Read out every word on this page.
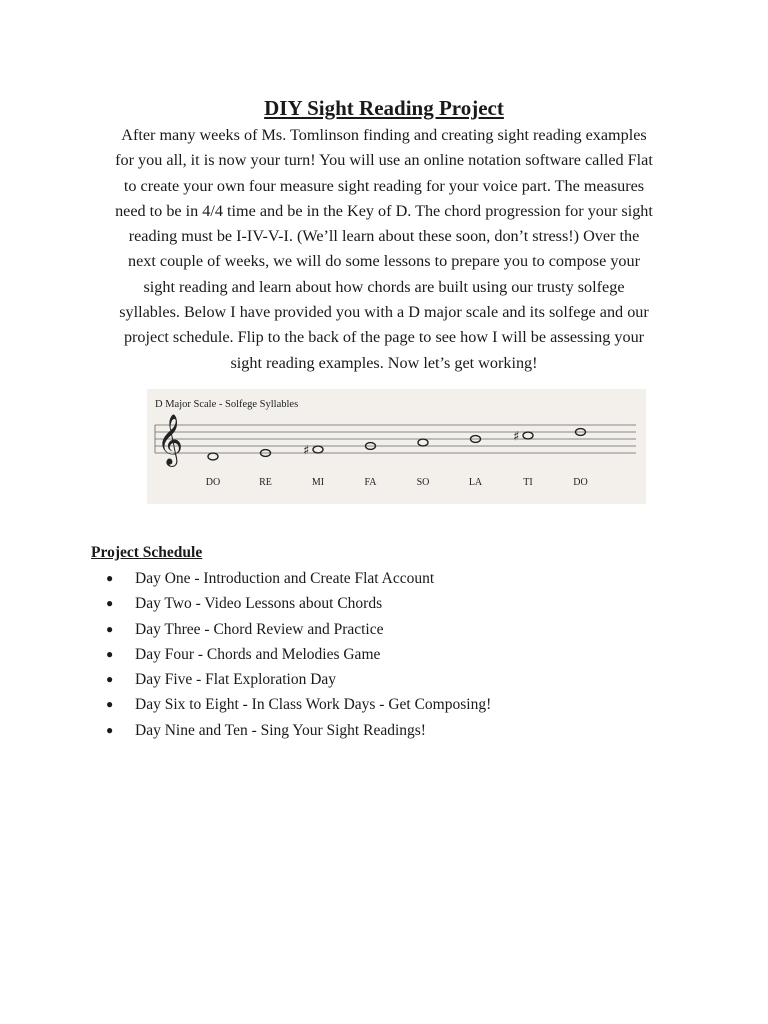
DIY Sight Reading Project

After many weeks of Ms. Tomlinson finding and creating sight reading examples
for you all, it is now your turn! You will use an online notation software called Flat
to create your own four measure sight reading for your voice part. The measures
need to be in 4/4 time and be in the Key of D. The chord progression for your sight
reading must be I-IV-V-I. (We’ll learn about these soon, don’t stress!) Over the
next couple of weeks, we will do some lessons to prepare you to compose your
sight reading and learn about how chords are built using our trusty solfege
syllables. Below I have provided you with a D major scale and its solfege and our
project schedule. Flip to the back of the page to see how I will be assessing your
sight reading examples. Now let’s get working!

D Major Scale - Solfege Syllables
𝄞
DO	RE
♯
MI	FA	SO	LA
♯
TI	DO
Project Schedule
●	Day One - Introduction and Create Flat Account
●	Day Two - Video Lessons about Chords
●	Day Three - Chord Review and Practice
●	Day Four - Chords and Melodies Game
●	Day Five - Flat Exploration Day
●	Day Six to Eight - In Class Work Days - Get Composing!
●	Day Nine and Ten - Sing Your Sight Readings!
